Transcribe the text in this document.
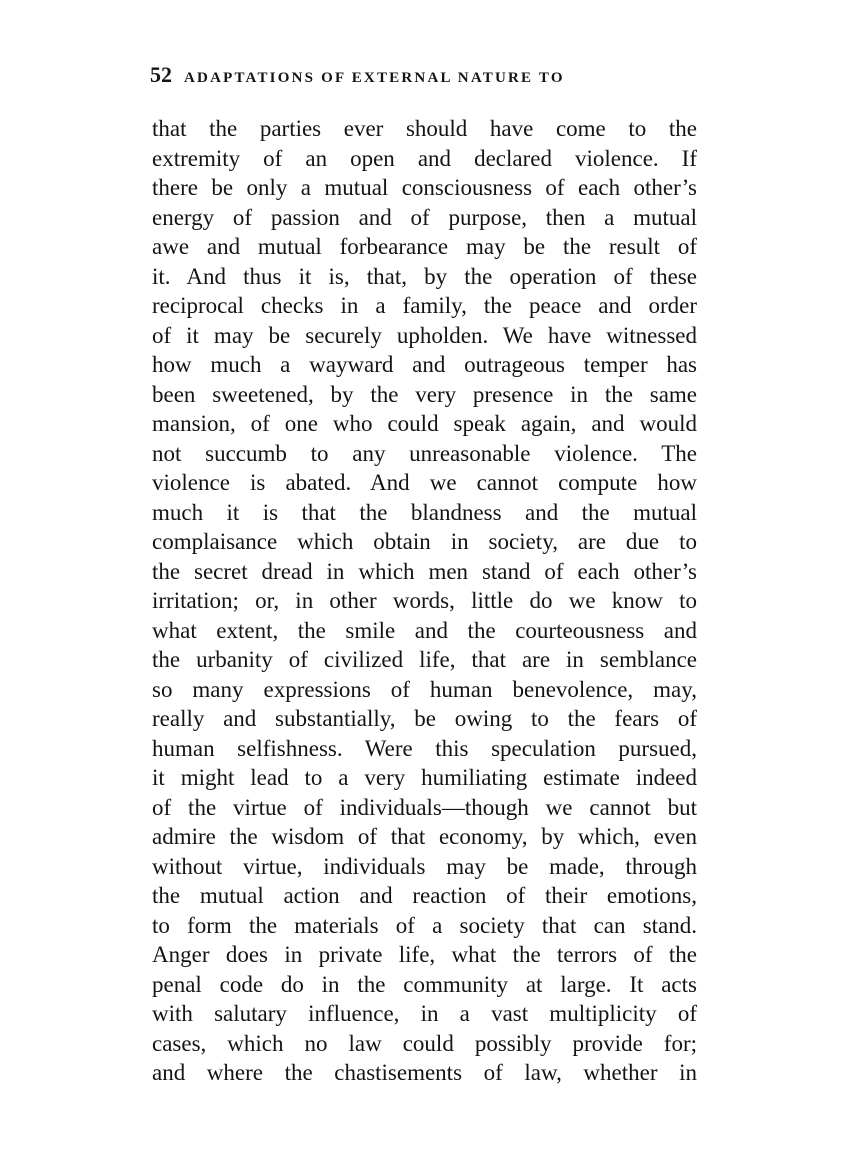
52 ADAPTATIONS OF EXTERNAL NATURE TO
that the parties ever should have come to the
extremity of an open and declared violence. If
there be only a mutual consciousness of each other’s
energy of passion and of purpose, then a mutual
awe and mutual forbearance may be the result of
it. And thus it is, that, by the operation of these
reciprocal checks in a family, the peace and order
of it may be securely upholden. We have witnessed
how much a wayward and outrageous temper has
been sweetened, by the very presence in the same
mansion, of one who could speak again, and would
not succumb to any unreasonable violence. The
violence is abated. And we cannot compute how
much it is that the blandness and the mutual
complaisance which obtain in society, are due to
the secret dread in which men stand of each other’s
irritation; or, in other words, little do we know to
what extent, the smile and the courteousness and
the urbanity of civilized life, that are in semblance
so many expressions of human benevolence, may,
really and substantially, be owing to the fears of
human selfishness. Were this speculation pursued,
it might lead to a very humiliating estimate indeed
of the virtue of individuals—though we cannot but
admire the wisdom of that economy, by which, even
without virtue, individuals may be made, through
the mutual action and reaction of their emotions,
to form the materials of a society that can stand.
Anger does in private life, what the terrors of the
penal code do in the community at large. It acts
with salutary influence, in a vast multiplicity of
cases, which no law could possibly provide for;
and where the chastisements of law, whether in
